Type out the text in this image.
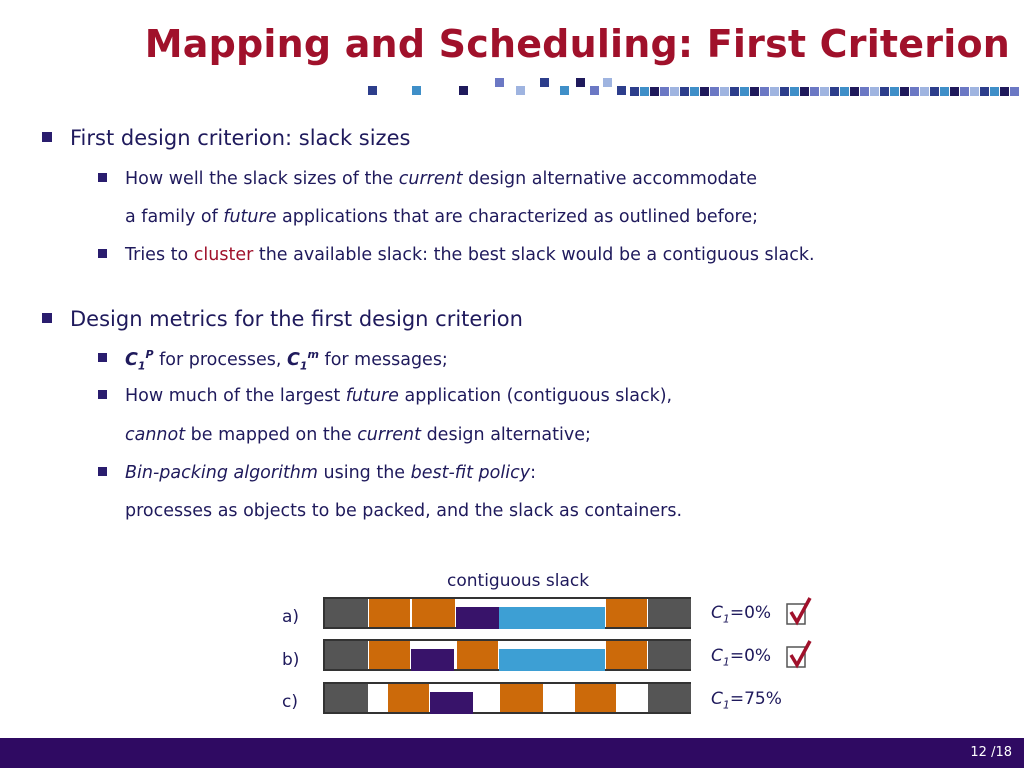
Mapping and Scheduling: First Criterion
First design criterion: slack sizes
How well the slack sizes of the current design alternative accommodate
a family of future applications that are characterized as outlined before;
Tries to cluster the available slack: the best slack would be a contiguous slack.
Design metrics for the first design criterion
$C_1^P$ for processes, $C_1^m$ for messages;
How much of the largest future application (contiguous slack),
cannot be mapped on the current design alternative;
Bin-packing algorithm using the best-fit policy:
processes as objects to be packed, and the slack as containers.
contiguous slack
a)	$C_1=0\%$
b)	$C_1=0\%$
c)	$C_1=75\%$
12 /18
